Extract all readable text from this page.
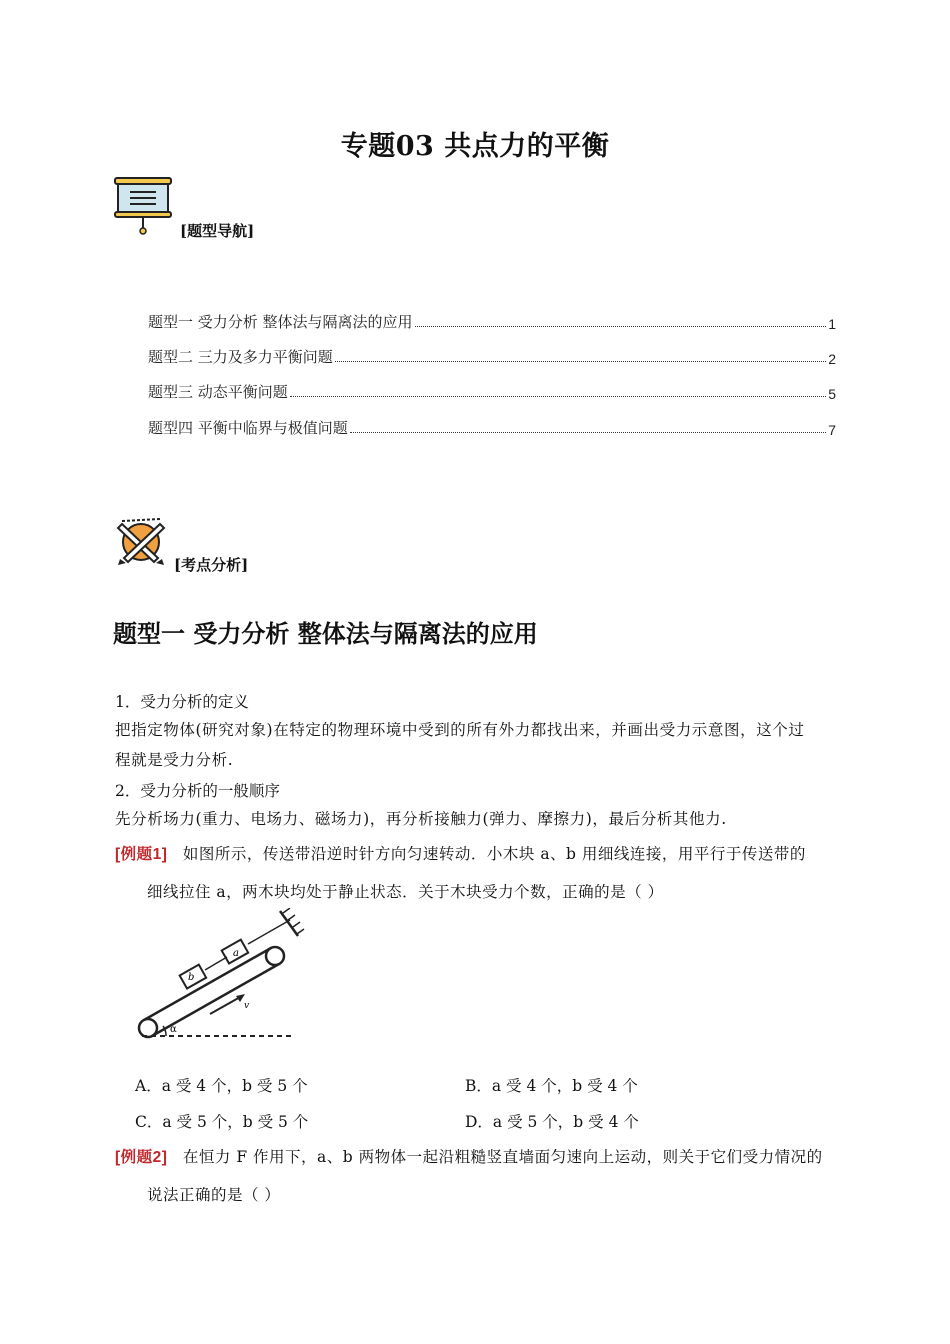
专题03 共点力的平衡
[题型导航]
题型一 受力分析 整体法与隔离法的应用	1
题型二 三力及多力平衡问题	2
题型三 动态平衡问题	5
题型四 平衡中临界与极值问题	7
[考点分析]
题型一 受力分析 整体法与隔离法的应用
1．受力分析的定义
把指定物体(研究对象)在特定的物理环境中受到的所有外力都找出来，并画出受力示意图，这个过
程就是受力分析.
2．受力分析的一般顺序
先分析场力(重力、电场力、磁场力)，再分析接触力(弹力、摩擦力)，最后分析其他力.
[例题1] 如图所示，传送带沿逆时针方向匀速转动．小木块 a、b 用细线连接，用平行于传送带的
细线拉住 a，两木块均处于静止状态．关于木块受力个数，正确的是（ ）
b
a
v
α
A．a 受 4 个，b 受 5 个	B．a 受 4 个，b 受 4 个
C．a 受 5 个，b 受 5 个	D．a 受 5 个，b 受 4 个
[例题2] 在恒力 F 作用下，a、b 两物体一起沿粗糙竖直墙面匀速向上运动，则关于它们受力情况的
说法正确的是（ ）
